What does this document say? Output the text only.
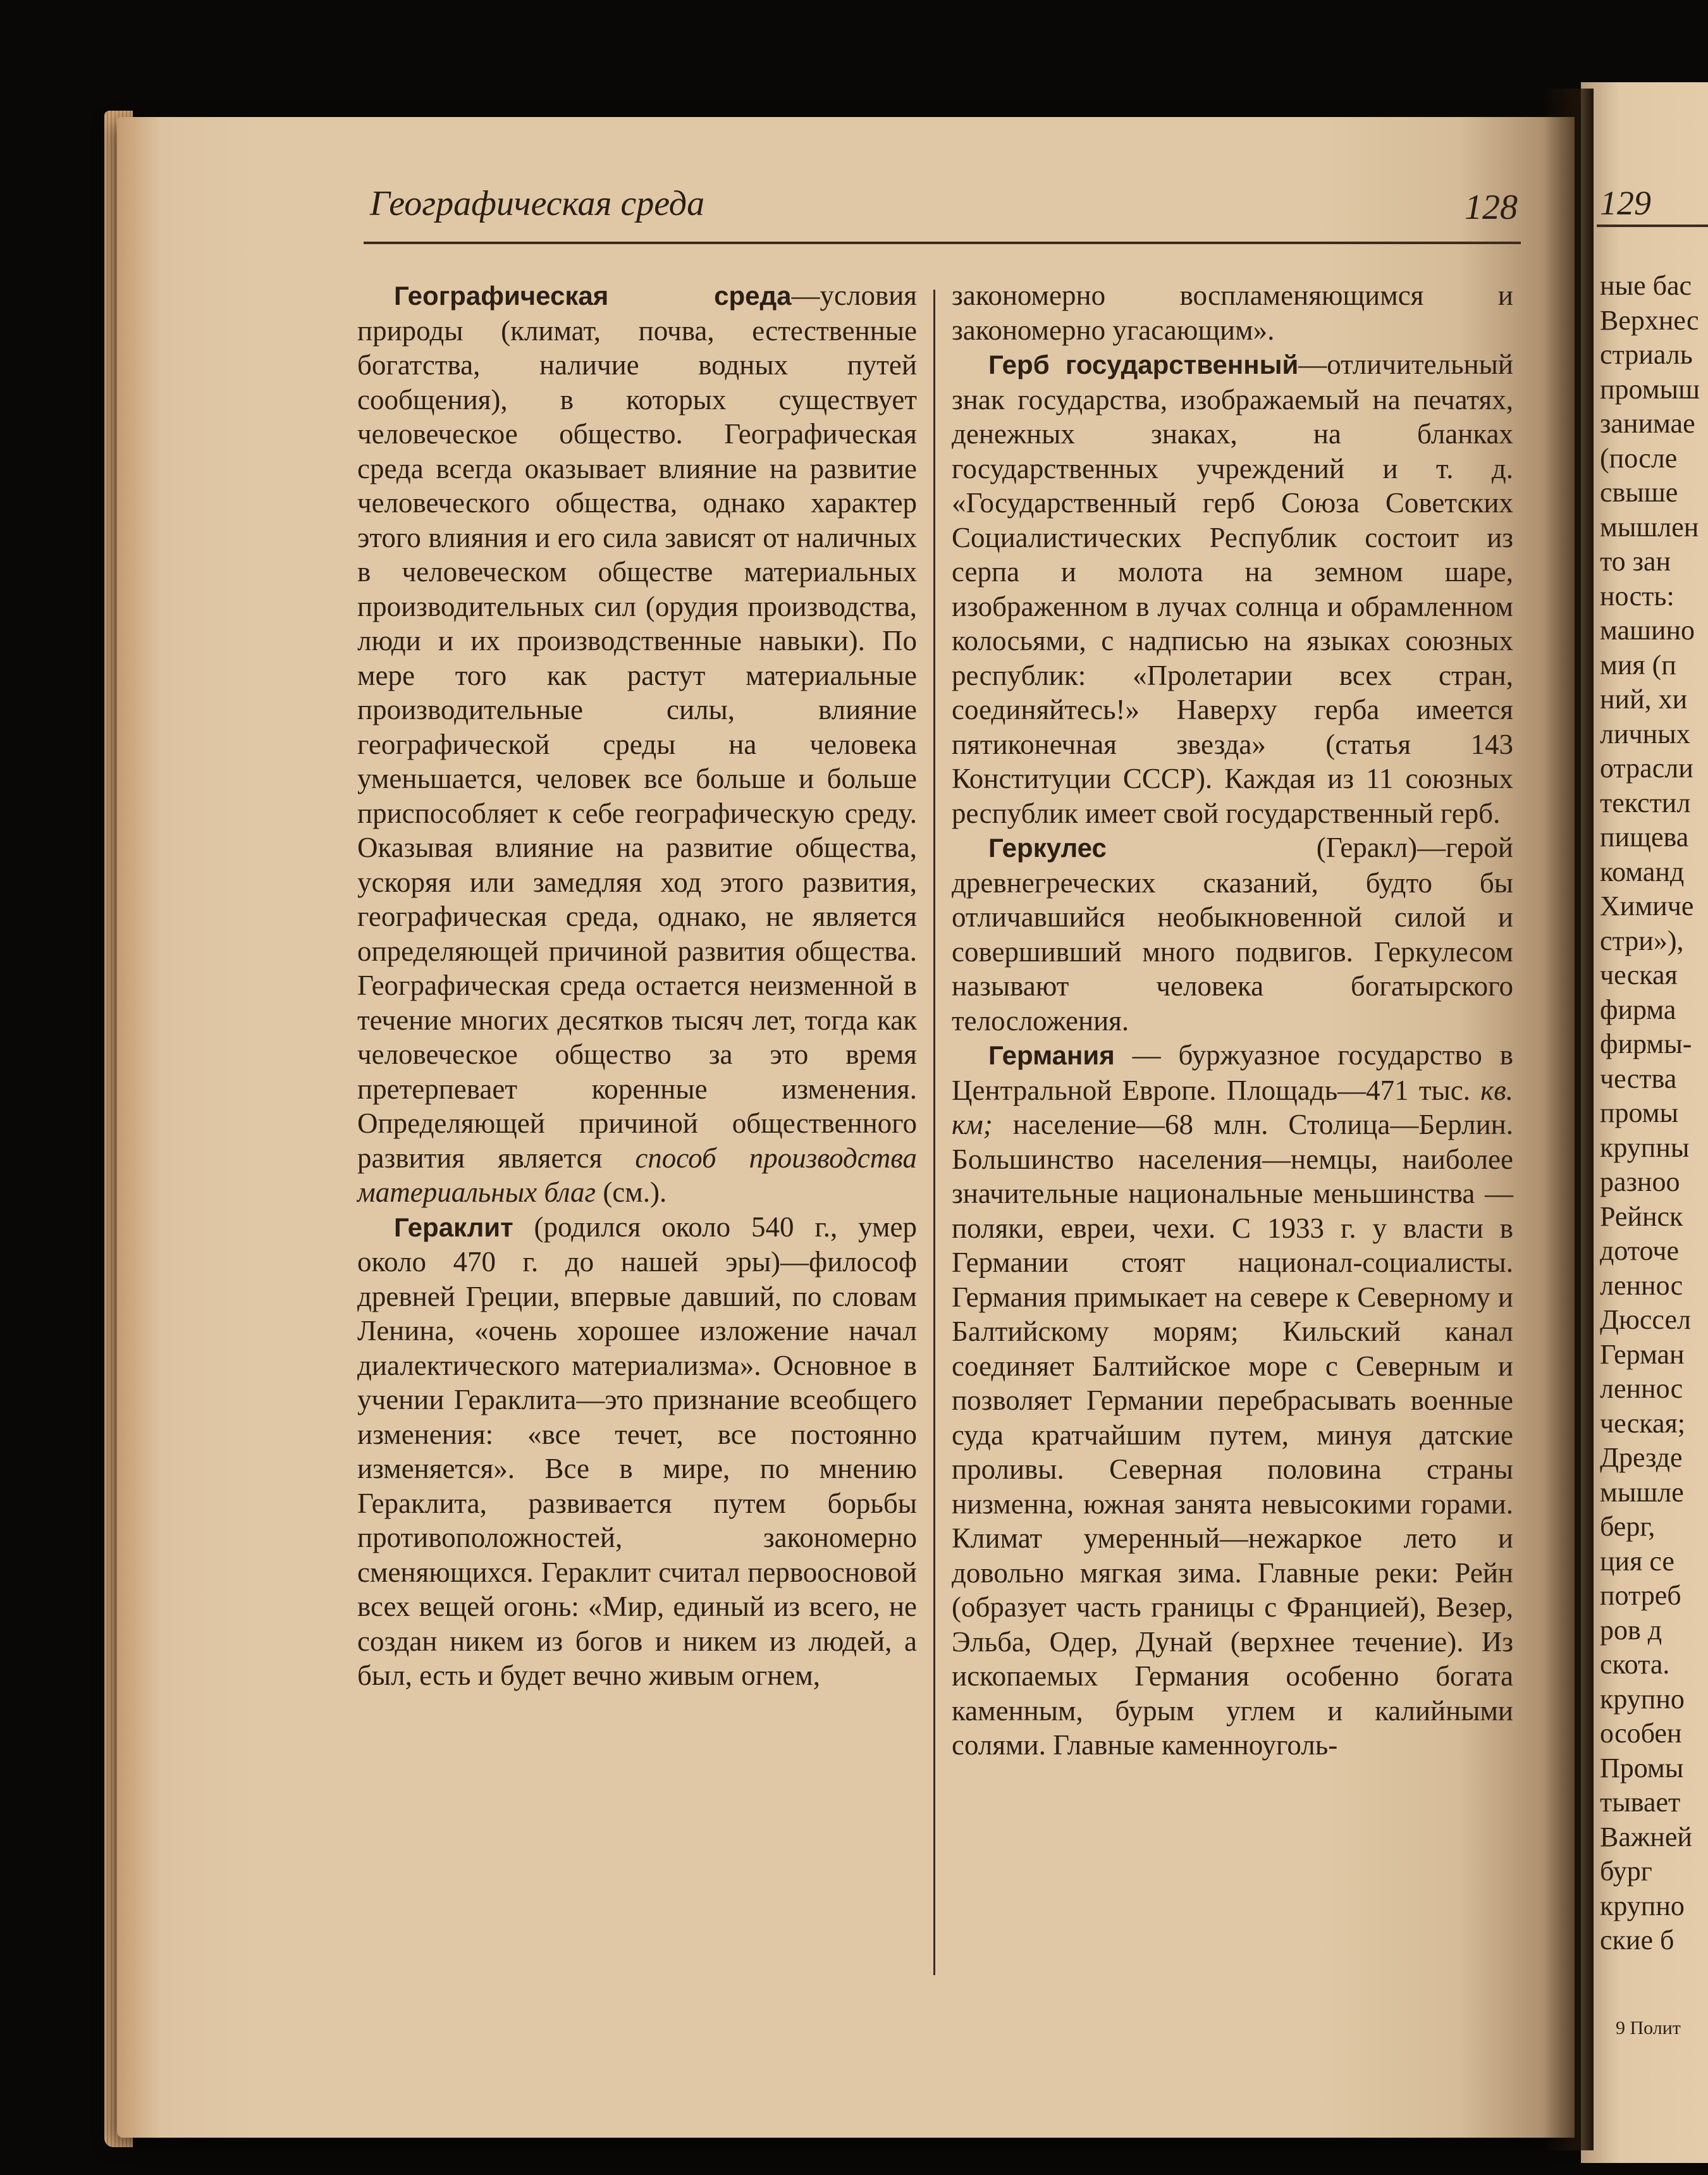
Географическая среда	128

Географическая среда—условия природы (климат, почва, естественные богатства, наличие водных путей сообщения), в которых существует человеческое общество. Географическая среда всегда оказывает влияние на развитие человеческого общества, однако характер этого влияния и его сила зависят от наличных в человеческом обществе материальных производительных сил (орудия производства, люди и их производственные навыки). По мере того как растут материальные производительные силы, влияние географической среды на человека уменьшается, человек все больше и больше приспособляет к себе географическую среду. Оказывая влияние на развитие общества, ускоряя или замедляя ход этого развития, географическая среда, однако, не является определяющей причиной развития общества. Географическая среда остается неизменной в течение многих десятков тысяч лет, тогда как человеческое общество за это время претерпевает коренные изменения. Определяющей причиной общественного развития является способ производства материальных благ (см.).

Гераклит (родился около 540 г., умер около 470 г. до нашей эры)—философ древней Греции, впервые давший, по словам Ленина, «очень хорошее изложение начал диалектического материализма». Основное в учении Гераклита—это признание всеобщего изменения: «все течет, все постоянно изменяется». Все в мире, по мнению Гераклита, развивается путем борьбы противоположностей, закономерно сменяющихся. Гераклит считал первоосновой всех вещей огонь: «Мир, единый из всего, не создан никем из богов и никем из людей, а был, есть и будет вечно живым огнем,

закономерно воспламеняющимся и закономерно угасающим».

Герб государственный—отличительный знак государства, изображаемый на печатях, денежных знаках, на бланках государственных учреждений и т. д. «Государственный герб Союза Советских Социалистических Республик состоит из серпа и молота на земном шаре, изображенном в лучах солнца и обрамленном колосьями, с надписью на языках союзных республик: «Пролетарии всех стран, соединяйтесь!» Наверху герба имеется пятиконечная звезда» (статья 143 Конституции СССР). Каждая из 11 союзных республик имеет свой государственный герб.

Геркулес (Геракл)—герой древнегреческих сказаний, будто бы отличавшийся необыкновенной силой и совершивший много подвигов. Геркулесом называют человека богатырского телосложения.

Германия — буржуазное государство в Центральной Европе. Площадь—471 тыс. кв. км; население—68 млн. Столица—Берлин. Большинство населения—немцы, наиболее значительные национальные меньшинства — поляки, евреи, чехи. С 1933 г. у власти в Германии стоят национал-социалисты. Германия примыкает на севере к Северному и Балтийскому морям; Кильский канал соединяет Балтийское море с Северным и позволяет Германии перебрасывать военные суда кратчайшим путем, минуя датские проливы. Северная половина страны низменна, южная занята невысокими горами. Климат умеренный—нежаркое лето и довольно мягкая зима. Главные реки: Рейн (образует часть границы с Францией), Везер, Эльба, Одер, Дунай (верхнее течение). Из ископаемых Германия особенно богата каменным, бурым углем и калийными солями. Главные каменноуголь-

129
ные бас
Верхнес
стриаль
промыш
занимае
(после
свыше
мышлен
то зан
ность:
машино
мия (п
ний, хи
личных
отрасли
текстил
пищева
команд
Химиче
стри»),
ческая
фирма
фирмы-
чества
промы
крупны
разноо
Рейнск
доточе
леннос
Дюссел
Герман
леннос
ческая;
Дрезде
мышле
берг,
ция се
потреб
ров д
скота.
крупно
особен
Промы
тывает
Важней
бург
крупно
ские б
9 Полит
